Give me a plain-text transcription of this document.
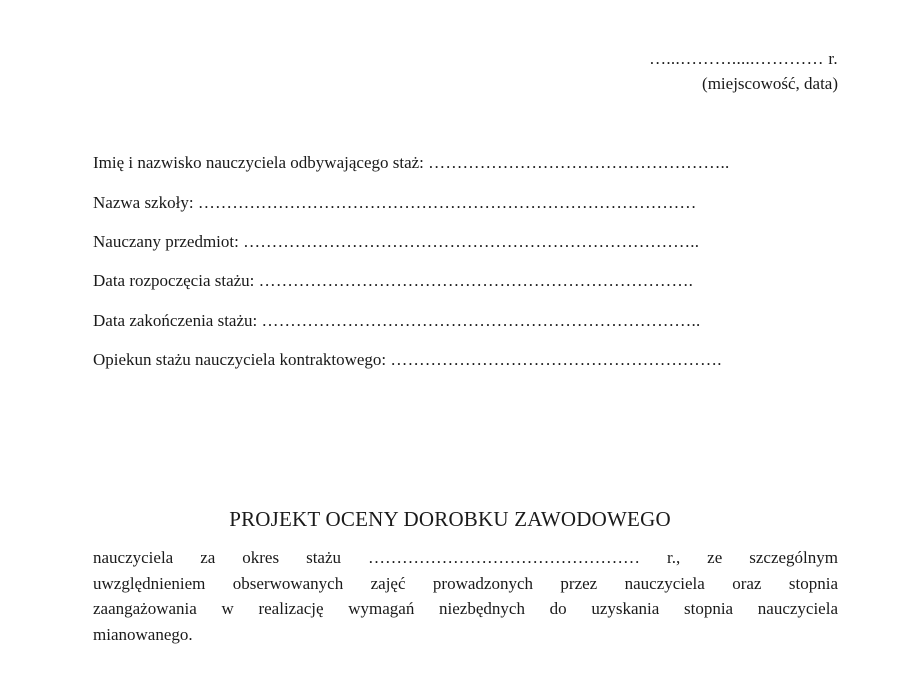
…...……….....………… r.
(miejscowość, data)
Imię i nazwisko nauczyciela odbywającego staż: ……………………………………………..
Nazwa szkoły: ……………………………………………………………………………
Nauczany przedmiot: ……………………………………………………………………..
Data rozpoczęcia stażu: ………………………………………………………………….
Data zakończenia stażu: …………………………………………………………………..
Opiekun stażu nauczyciela kontraktowego: ………………………………………………….
PROJEKT OCENY DOROBKU ZAWODOWEGO
nauczyciela za okres stażu ………………………………………… r., ze szczególnym
uwzględnieniem obserwowanych zajęć prowadzonych przez nauczyciela oraz stopnia
zaangażowania w realizację wymagań niezbędnych do uzyskania stopnia nauczyciela
mianowanego.
